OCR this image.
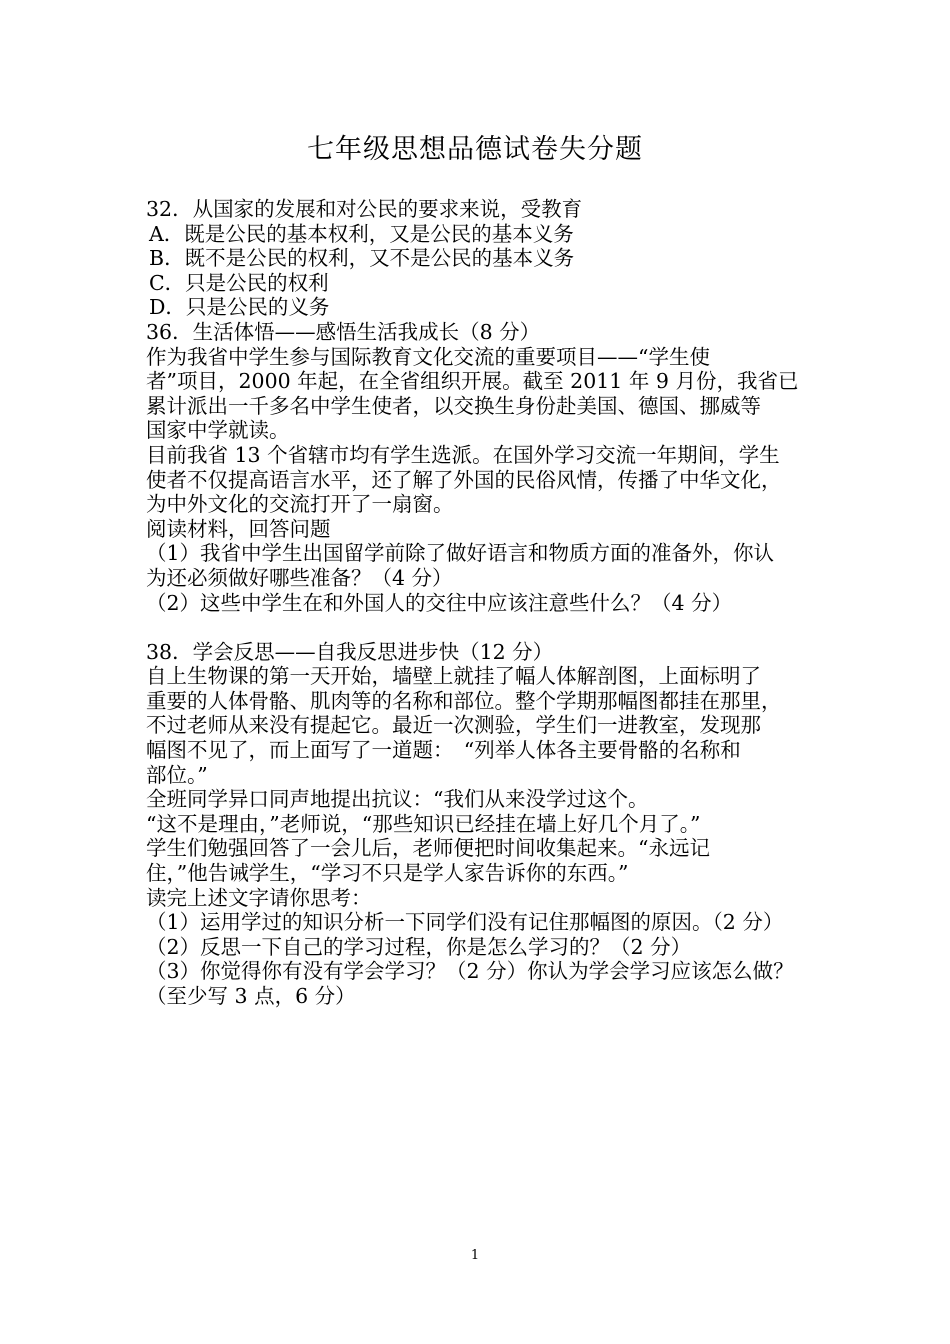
七年级思想品德试卷失分题
32．从国家的发展和对公民的要求来说，受教育
A．既是公民的基本权利，又是公民的基本义务
B．既不是公民的权利，又不是公民的基本义务
C．只是公民的权利
D．只是公民的义务
36．生活体悟——感悟生活我成长（8 分）
作为我省中学生参与国际教育文化交流的重要项目——“学生使
者”项目，2000 年起，在全省组织开展。截至 2011 年 9 月份，我省已
累计派出一千多名中学生使者，以交换生身份赴美国、德国、挪威等
国家中学就读。
目前我省 13 个省辖市均有学生选派。在国外学习交流一年期间，学生
使者不仅提高语言水平，还了解了外国的民俗风情，传播了中华文化，
为中外文化的交流打开了一扇窗。
阅读材料，回答问题
（1）我省中学生出国留学前除了做好语言和物质方面的准备外，你认
为还必须做好哪些准备？（4 分）
（2）这些中学生在和外国人的交往中应该注意些什么？（4 分）
38．学会反思——自我反思进步快（12 分）
自上生物课的第一天开始，墙壁上就挂了幅人体解剖图，上面标明了
重要的人体骨骼、肌肉等的名称和部位。整个学期那幅图都挂在那里，
不过老师从来没有提起它。最近一次测验，学生们一进教室，发现那
幅图不见了，而上面写了一道题：　“列举人体各主要骨骼的名称和
部位。”
全班同学异口同声地提出抗议：“我们从来没学过这个。
“这不是理由，”老师说，“那些知识已经挂在墙上好几个月了。”
学生们勉强回答了一会儿后，老师便把时间收集起来。“永远记
住，”他告诫学生，“学习不只是学人家告诉你的东西。”
读完上述文字请你思考：
（1）运用学过的知识分析一下同学们没有记住那幅图的原因。（2 分）
（2）反思一下自己的学习过程，你是怎么学习的？（2 分）
（3）你觉得你有没有学会学习？（2 分）你认为学会学习应该怎么做？
（至少写 3 点，6 分）
1
